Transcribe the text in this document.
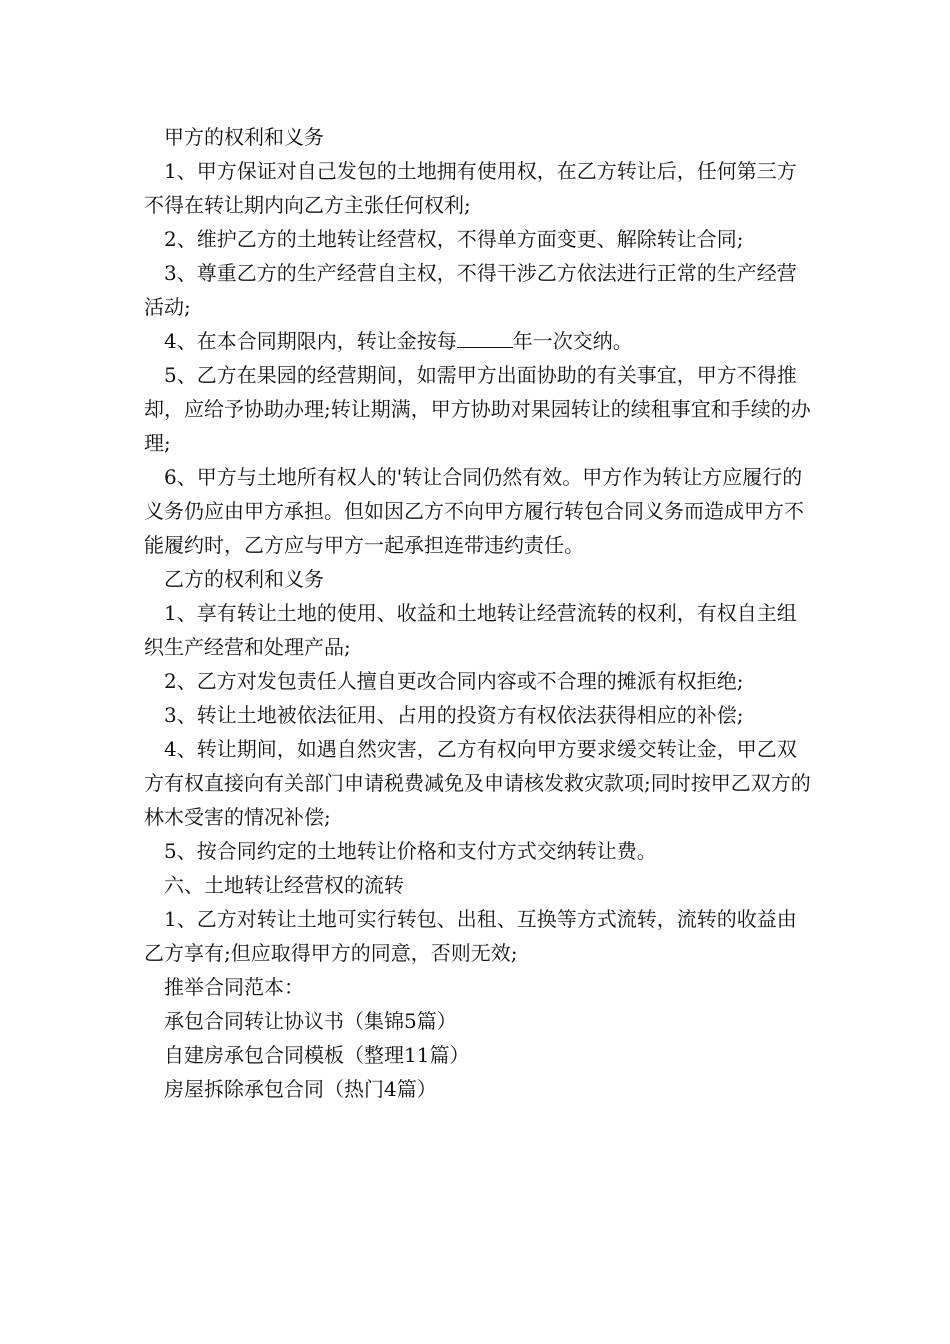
甲方的权利和义务

1、甲方保证对自己发包的土地拥有使用权，在乙方转让后，任何第三方不得在转让期内向乙方主张任何权利;

2、维护乙方的土地转让经营权，不得单方面变更、解除转让合同;

3、尊重乙方的生产经营自主权，不得干涉乙方依法进行正常的生产经营活动;

4、在本合同期限内，转让金按每	年一次交纳。

5、乙方在果园的经营期间，如需甲方出面协助的有关事宜，甲方不得推却，应给予协助办理;转让期满，甲方协助对果园转让的续租事宜和手续的办理;

6、甲方与土地所有权人的'转让合同仍然有效。甲方作为转让方应履行的义务仍应由甲方承担。但如因乙方不向甲方履行转包合同义务而造成甲方不能履约时，乙方应与甲方一起承担连带违约责任。

乙方的权利和义务

1、享有转让土地的使用、收益和土地转让经营流转的权利，有权自主组织生产经营和处理产品;

2、乙方对发包责任人擅自更改合同内容或不合理的摊派有权拒绝;

3、转让土地被依法征用、占用的投资方有权依法获得相应的补偿;

4、转让期间，如遇自然灾害，乙方有权向甲方要求缓交转让金，甲乙双方有权直接向有关部门申请税费减免及申请核发救灾款项;同时按甲乙双方的林木受害的情况补偿;

5、按合同约定的土地转让价格和支付方式交纳转让费。

六、土地转让经营权的流转

1、乙方对转让土地可实行转包、出租、互换等方式流转，流转的收益由乙方享有;但应取得甲方的同意，否则无效;

推举合同范本：

承包合同转让协议书（集锦5篇）

自建房承包合同模板（整理11篇）

房屋拆除承包合同（热门4篇）
